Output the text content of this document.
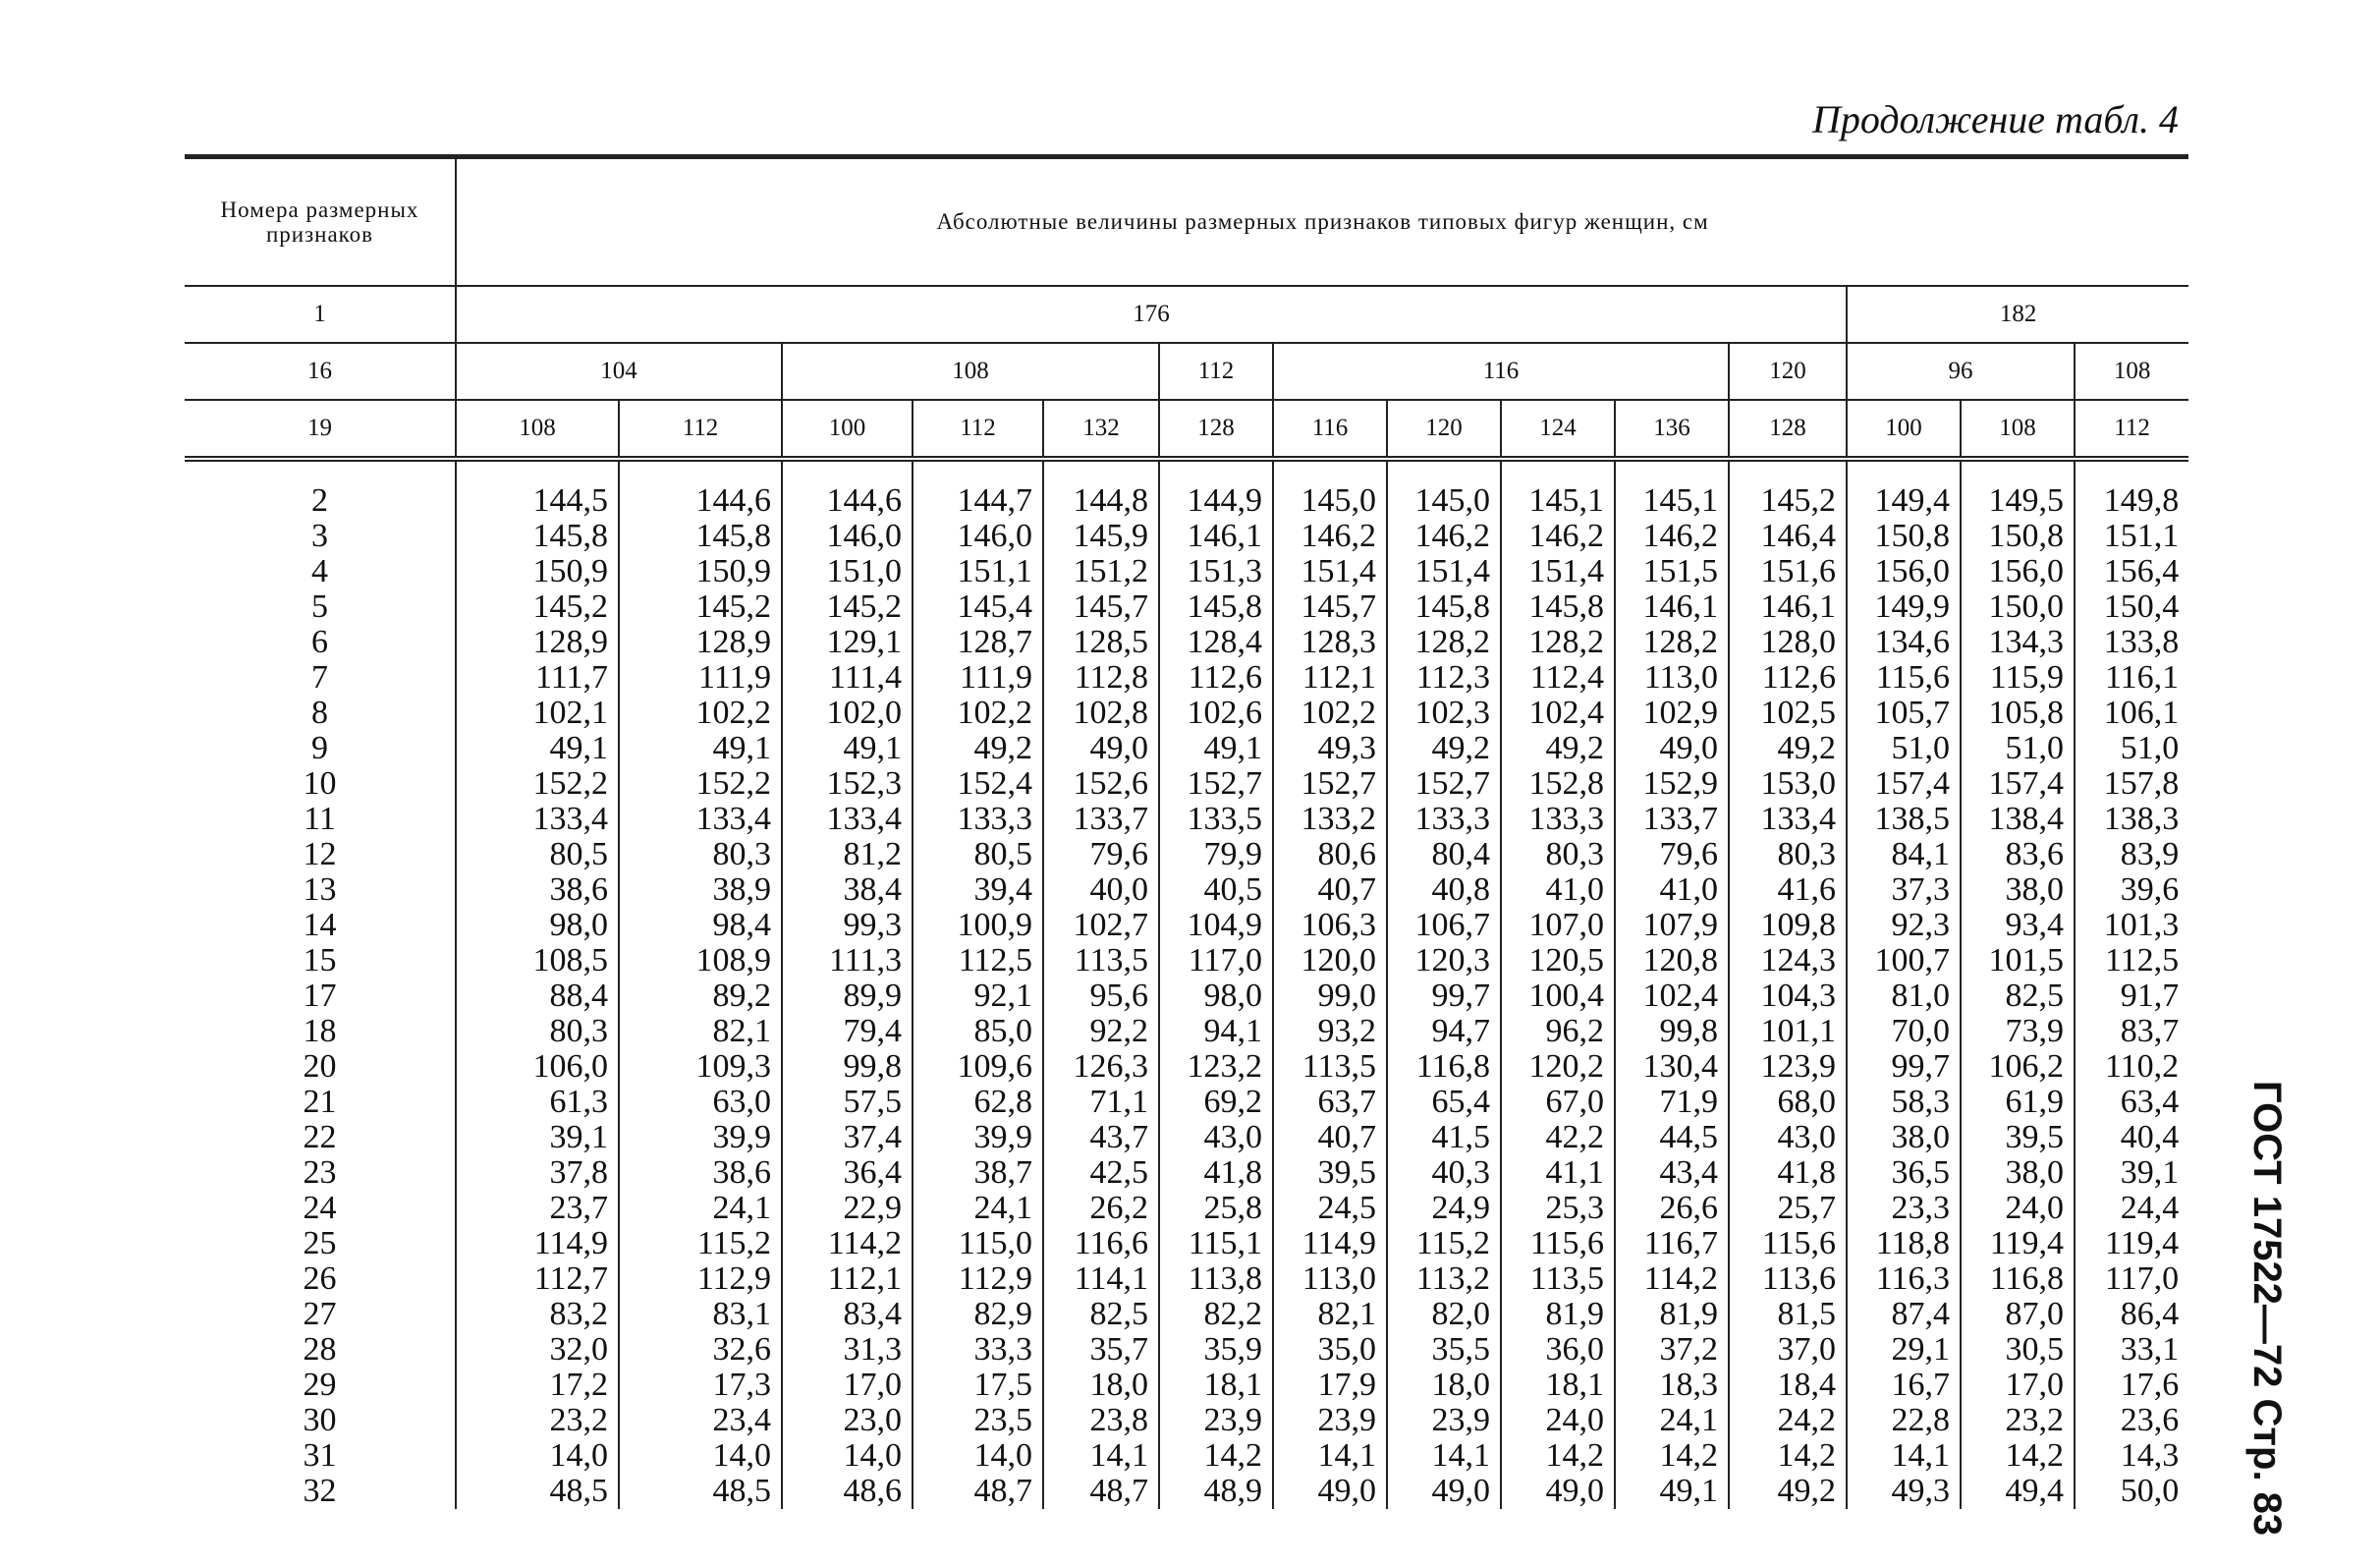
Продолжение табл. 4
ГОСТ 17522—72 Стр. 83
Номера размерных признаков	Абсолютные величины размерных признаков типовых фигур женщин, см													
1	176											182		
16	104		108			112	116				120	96		108
19	108	112	100	112	132	128	116	120	124	136	128	100	108	112
2	144,5	144,6	144,6	144,7	144,8	144,9	145,0	145,0	145,1	145,1	145,2	149,4	149,5	149,8
3	145,8	145,8	146,0	146,0	145,9	146,1	146,2	146,2	146,2	146,2	146,4	150,8	150,8	151,1
4	150,9	150,9	151,0	151,1	151,2	151,3	151,4	151,4	151,4	151,5	151,6	156,0	156,0	156,4
5	145,2	145,2	145,2	145,4	145,7	145,8	145,7	145,8	145,8	146,1	146,1	149,9	150,0	150,4
6	128,9	128,9	129,1	128,7	128,5	128,4	128,3	128,2	128,2	128,2	128,0	134,6	134,3	133,8
7	111,7	111,9	111,4	111,9	112,8	112,6	112,1	112,3	112,4	113,0	112,6	115,6	115,9	116,1
8	102,1	102,2	102,0	102,2	102,8	102,6	102,2	102,3	102,4	102,9	102,5	105,7	105,8	106,1
9	49,1	49,1	49,1	49,2	49,0	49,1	49,3	49,2	49,2	49,0	49,2	51,0	51,0	51,0
10	152,2	152,2	152,3	152,4	152,6	152,7	152,7	152,7	152,8	152,9	153,0	157,4	157,4	157,8
11	133,4	133,4	133,4	133,3	133,7	133,5	133,2	133,3	133,3	133,7	133,4	138,5	138,4	138,3
12	80,5	80,3	81,2	80,5	79,6	79,9	80,6	80,4	80,3	79,6	80,3	84,1	83,6	83,9
13	38,6	38,9	38,4	39,4	40,0	40,5	40,7	40,8	41,0	41,0	41,6	37,3	38,0	39,6
14	98,0	98,4	99,3	100,9	102,7	104,9	106,3	106,7	107,0	107,9	109,8	92,3	93,4	101,3
15	108,5	108,9	111,3	112,5	113,5	117,0	120,0	120,3	120,5	120,8	124,3	100,7	101,5	112,5
17	88,4	89,2	89,9	92,1	95,6	98,0	99,0	99,7	100,4	102,4	104,3	81,0	82,5	91,7
18	80,3	82,1	79,4	85,0	92,2	94,1	93,2	94,7	96,2	99,8	101,1	70,0	73,9	83,7
20	106,0	109,3	99,8	109,6	126,3	123,2	113,5	116,8	120,2	130,4	123,9	99,7	106,2	110,2
21	61,3	63,0	57,5	62,8	71,1	69,2	63,7	65,4	67,0	71,9	68,0	58,3	61,9	63,4
22	39,1	39,9	37,4	39,9	43,7	43,0	40,7	41,5	42,2	44,5	43,0	38,0	39,5	40,4
23	37,8	38,6	36,4	38,7	42,5	41,8	39,5	40,3	41,1	43,4	41,8	36,5	38,0	39,1
24	23,7	24,1	22,9	24,1	26,2	25,8	24,5	24,9	25,3	26,6	25,7	23,3	24,0	24,4
25	114,9	115,2	114,2	115,0	116,6	115,1	114,9	115,2	115,6	116,7	115,6	118,8	119,4	119,4
26	112,7	112,9	112,1	112,9	114,1	113,8	113,0	113,2	113,5	114,2	113,6	116,3	116,8	117,0
27	83,2	83,1	83,4	82,9	82,5	82,2	82,1	82,0	81,9	81,9	81,5	87,4	87,0	86,4
28	32,0	32,6	31,3	33,3	35,7	35,9	35,0	35,5	36,0	37,2	37,0	29,1	30,5	33,1
29	17,2	17,3	17,0	17,5	18,0	18,1	17,9	18,0	18,1	18,3	18,4	16,7	17,0	17,6
30	23,2	23,4	23,0	23,5	23,8	23,9	23,9	23,9	24,0	24,1	24,2	22,8	23,2	23,6
31	14,0	14,0	14,0	14,0	14,1	14,2	14,1	14,1	14,2	14,2	14,2	14,1	14,2	14,3
32	48,5	48,5	48,6	48,7	48,7	48,9	49,0	49,0	49,0	49,1	49,2	49,3	49,4	50,0
